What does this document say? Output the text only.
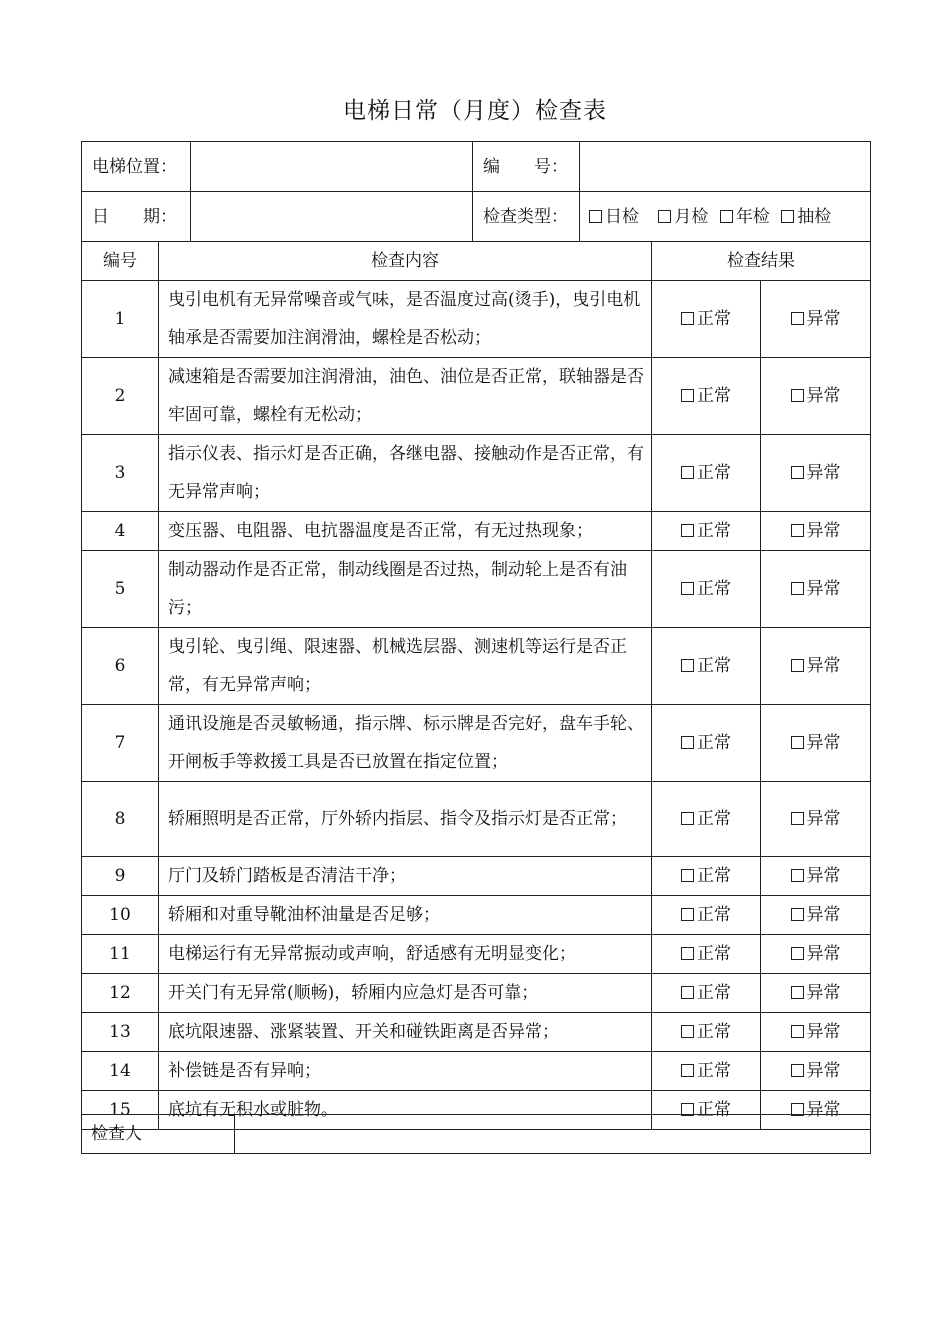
电梯日常（月度）检查表
电梯位置：		编　　号：	
日　　期：		检查类型：	日检 月检 年检 抽检
编号	检查内容	检查结果	
1	曳引电机有无异常噪音或气味，是否温度过高(烫手)，曳引电机轴承是否需要加注润滑油，螺栓是否松动；	正常	异常
2	减速箱是否需要加注润滑油，油色、油位是否正常，联轴器是否牢固可靠，螺栓有无松动；	正常	异常
3	指示仪表、指示灯是否正确，各继电器、接触动作是否正常，有无异常声响；	正常	异常
4	变压器、电阻器、电抗器温度是否正常，有无过热现象；	正常	异常
5	制动器动作是否正常，制动线圈是否过热，制动轮上是否有油污；	正常	异常
6	曳引轮、曳引绳、限速器、机械选层器、测速机等运行是否正常，有无异常声响；	正常	异常
7	通讯设施是否灵敏畅通，指示牌、标示牌是否完好，盘车手轮、开闸板手等救援工具是否已放置在指定位置；	正常	异常
8	轿厢照明是否正常，厅外轿内指层、指令及指示灯是否正常；	正常	异常
9	厅门及轿门踏板是否清洁干净；	正常	异常
10	轿厢和对重导靴油杯油量是否足够；	正常	异常
11	电梯运行有无异常振动或声响，舒适感有无明显变化；	正常	异常
12	开关门有无异常(顺畅)，轿厢内应急灯是否可靠；	正常	异常
13	底坑限速器、涨紧装置、开关和碰铁距离是否异常；	正常	异常
14	补偿链是否有异响；	正常	异常
15	底坑有无积水或脏物。	正常	异常
检查人	
